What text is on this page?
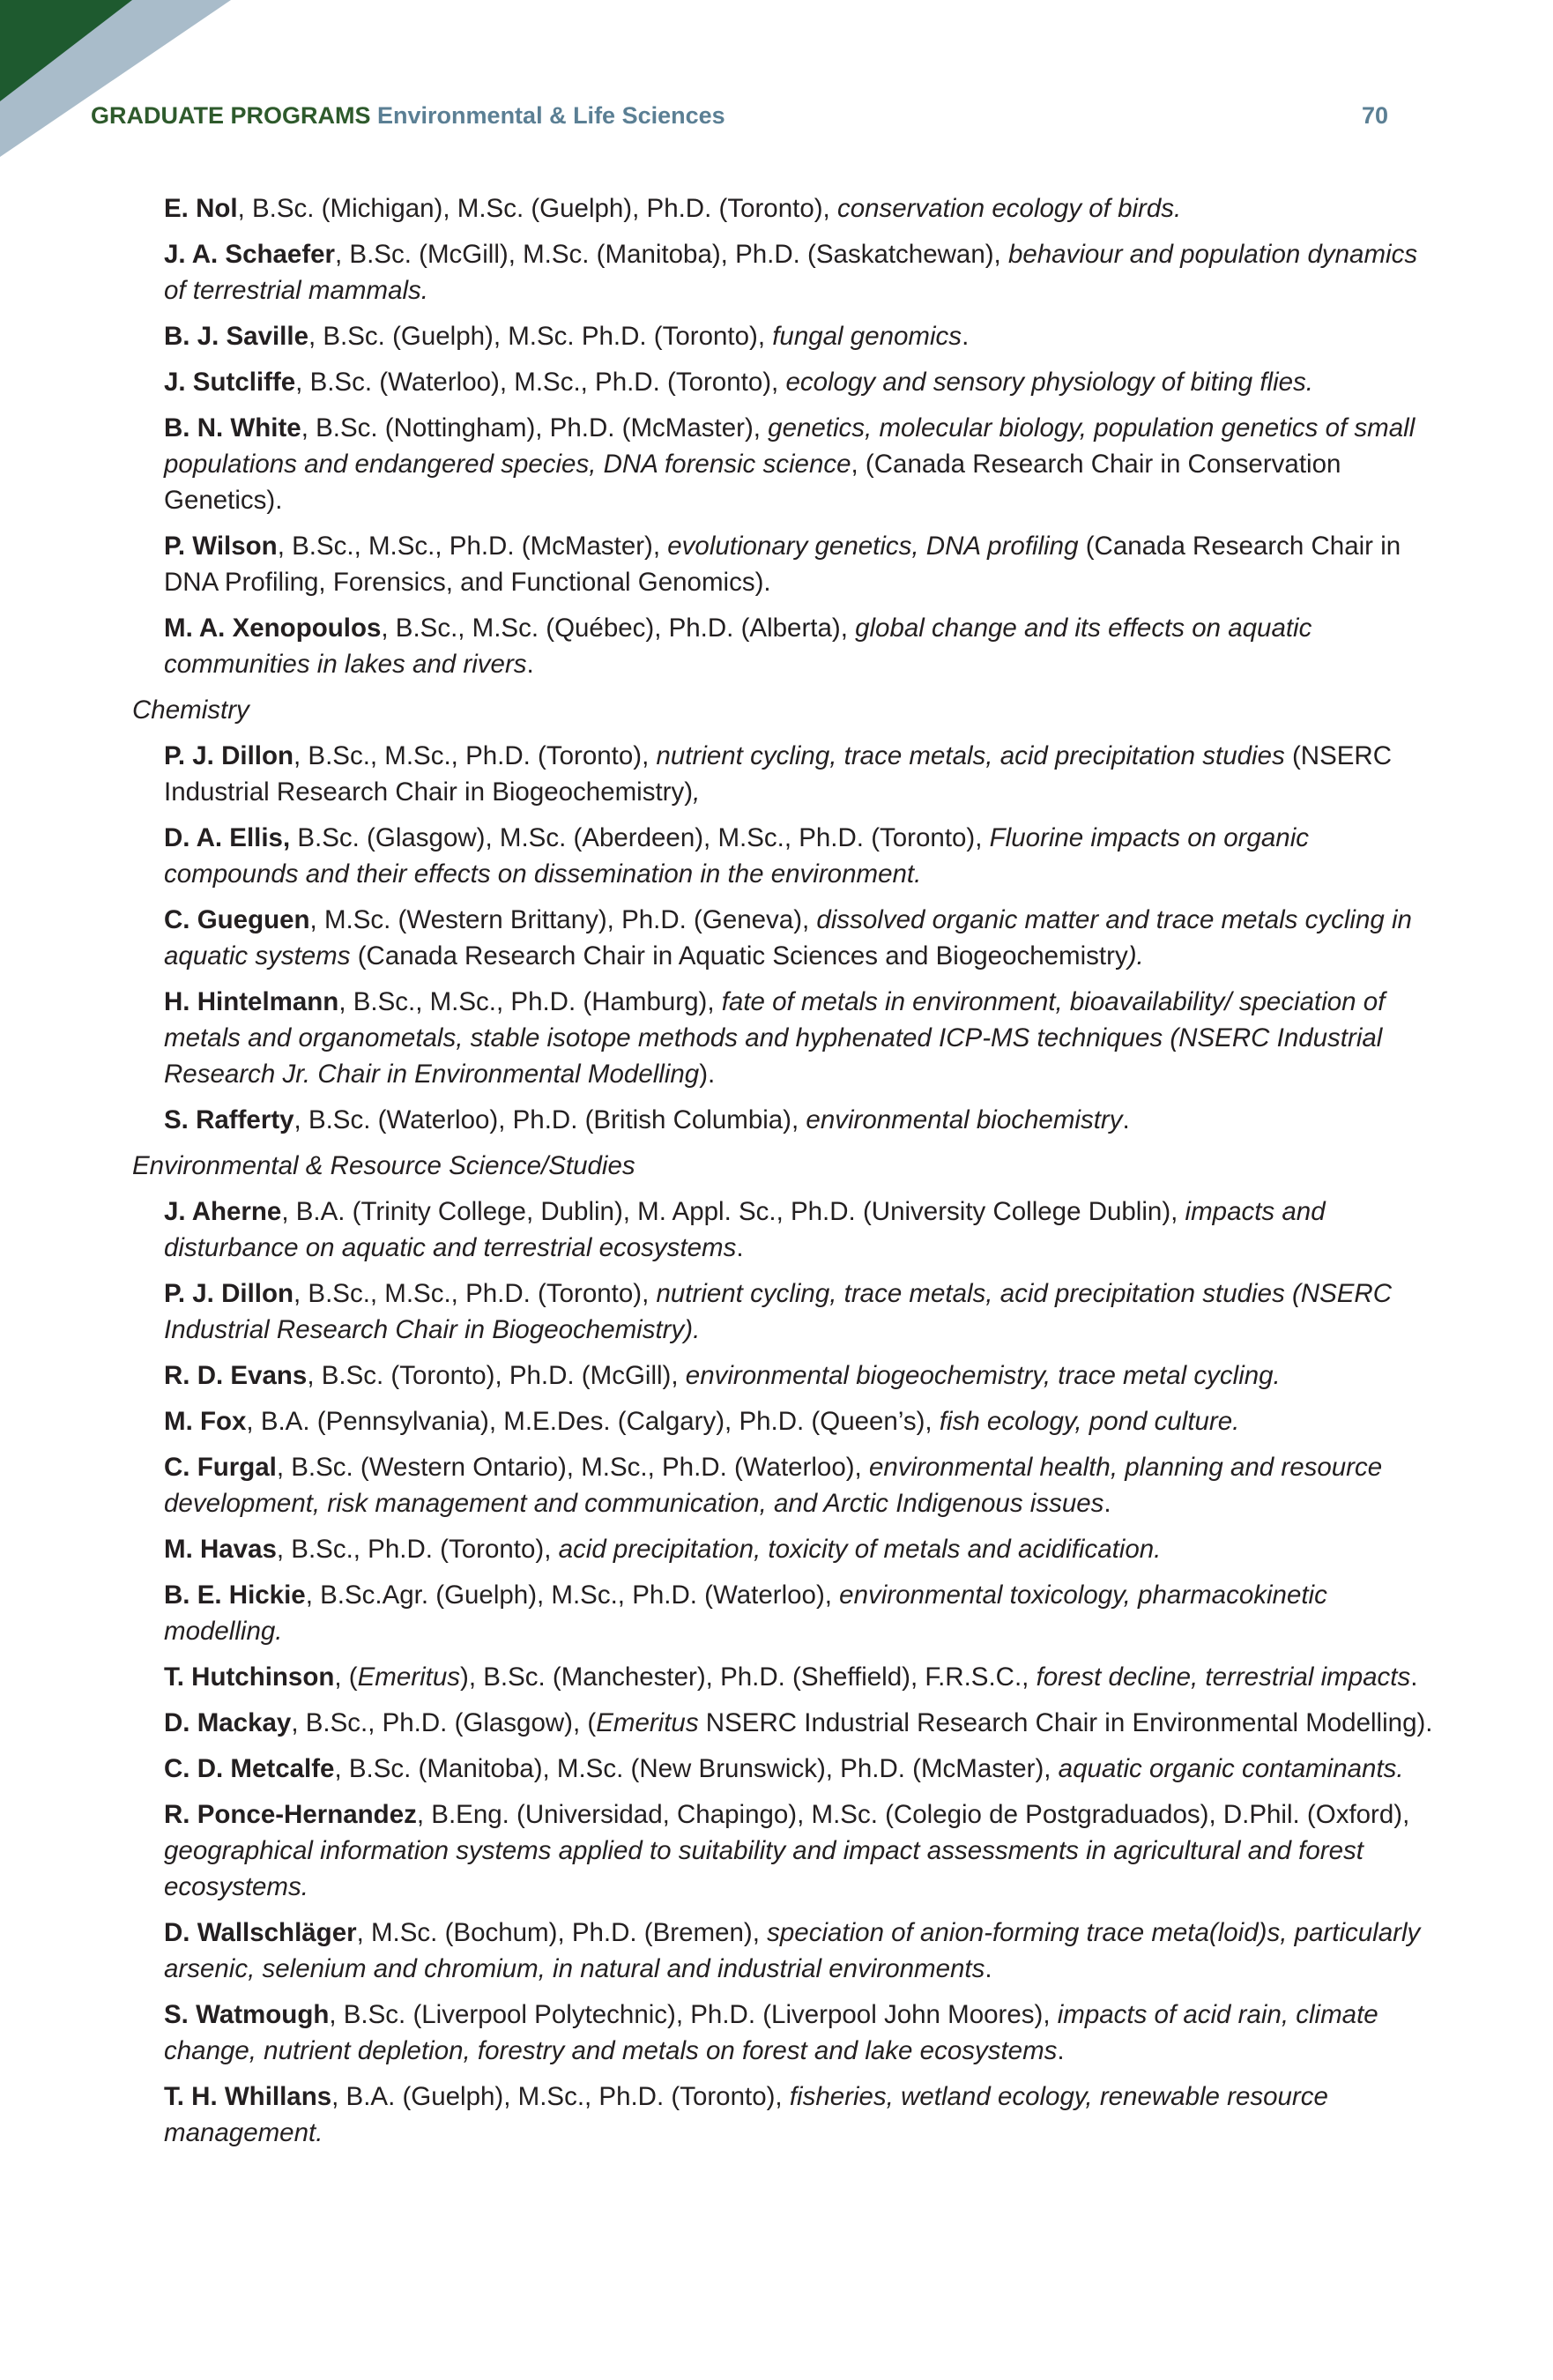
GRADUATE PROGRAMS Environmental & Life Sciences	70
E. Nol, B.Sc. (Michigan), M.Sc. (Guelph), Ph.D. (Toronto), conservation ecology of birds.
J. A. Schaefer, B.Sc. (McGill), M.Sc. (Manitoba), Ph.D. (Saskatchewan), behaviour and population dynamics of terrestrial mammals.
B. J. Saville, B.Sc. (Guelph), M.Sc. Ph.D. (Toronto), fungal genomics.
J. Sutcliffe, B.Sc. (Waterloo), M.Sc., Ph.D. (Toronto), ecology and sensory physiology of biting flies.
B. N. White, B.Sc. (Nottingham), Ph.D. (McMaster), genetics, molecular biology, population genetics of small populations and endangered species, DNA forensic science, (Canada Research Chair in Conservation Genetics).
P. Wilson, B.Sc., M.Sc., Ph.D. (McMaster), evolutionary genetics, DNA profiling (Canada Research Chair in DNA Profiling, Forensics, and Functional Genomics).
M. A. Xenopoulos, B.Sc., M.Sc. (Québec), Ph.D. (Alberta), global change and its effects on aquatic communities in lakes and rivers.
Chemistry
P. J. Dillon, B.Sc., M.Sc., Ph.D. (Toronto), nutrient cycling, trace metals, acid precipitation studies (NSERC Industrial Research Chair in Biogeochemistry),
D. A. Ellis, B.Sc. (Glasgow), M.Sc. (Aberdeen), M.Sc., Ph.D. (Toronto), Fluorine impacts on organic compounds and their effects on dissemination in the environment.
C. Gueguen, M.Sc. (Western Brittany), Ph.D. (Geneva), dissolved organic matter and trace metals cycling in aquatic systems (Canada Research Chair in Aquatic Sciences and Biogeochemistry).
H. Hintelmann, B.Sc., M.Sc., Ph.D. (Hamburg), fate of metals in environment, bioavailability/ speciation of metals and organometals, stable isotope methods and hyphenated ICP-MS techniques (NSERC Industrial Research Jr. Chair in Environmental Modelling).
S. Rafferty, B.Sc. (Waterloo), Ph.D. (British Columbia), environmental biochemistry.
Environmental & Resource Science/Studies
J. Aherne, B.A. (Trinity College, Dublin), M. Appl. Sc., Ph.D. (University College Dublin), impacts and disturbance on aquatic and terrestrial ecosystems.
P. J. Dillon, B.Sc., M.Sc., Ph.D. (Toronto), nutrient cycling, trace metals, acid precipitation studies (NSERC Industrial Research Chair in Biogeochemistry).
R. D. Evans, B.Sc. (Toronto), Ph.D. (McGill), environmental biogeochemistry, trace metal cycling.
M. Fox, B.A. (Pennsylvania), M.E.Des. (Calgary), Ph.D. (Queen’s), fish ecology, pond culture.
C. Furgal, B.Sc. (Western Ontario), M.Sc., Ph.D. (Waterloo), environmental health, planning and resource development, risk management and communication, and Arctic Indigenous issues.
M. Havas, B.Sc., Ph.D. (Toronto), acid precipitation, toxicity of metals and acidification.
B. E. Hickie, B.Sc.Agr. (Guelph), M.Sc., Ph.D. (Waterloo), environmental toxicology, pharmacokinetic modelling.
T. Hutchinson, (Emeritus), B.Sc. (Manchester), Ph.D. (Sheffield), F.R.S.C., forest decline, terrestrial impacts.
D. Mackay, B.Sc., Ph.D. (Glasgow), (Emeritus NSERC Industrial Research Chair in Environmental Modelling).
C. D. Metcalfe, B.Sc. (Manitoba), M.Sc. (New Brunswick), Ph.D. (McMaster), aquatic organic contaminants.
R. Ponce-Hernandez, B.Eng. (Universidad, Chapingo), M.Sc. (Colegio de Postgraduados), D.Phil. (Oxford), geographical information systems applied to suitability and impact assessments in agricultural and forest ecosystems.
D. Wallschläger, M.Sc. (Bochum), Ph.D. (Bremen), speciation of anion-forming trace meta(loid)s, particularly arsenic, selenium and chromium, in natural and industrial environments.
S. Watmough, B.Sc. (Liverpool Polytechnic), Ph.D. (Liverpool John Moores), impacts of acid rain, climate change, nutrient depletion, forestry and metals on forest and lake ecosystems.
T. H. Whillans, B.A. (Guelph), M.Sc., Ph.D. (Toronto), fisheries, wetland ecology, renewable resource management.
